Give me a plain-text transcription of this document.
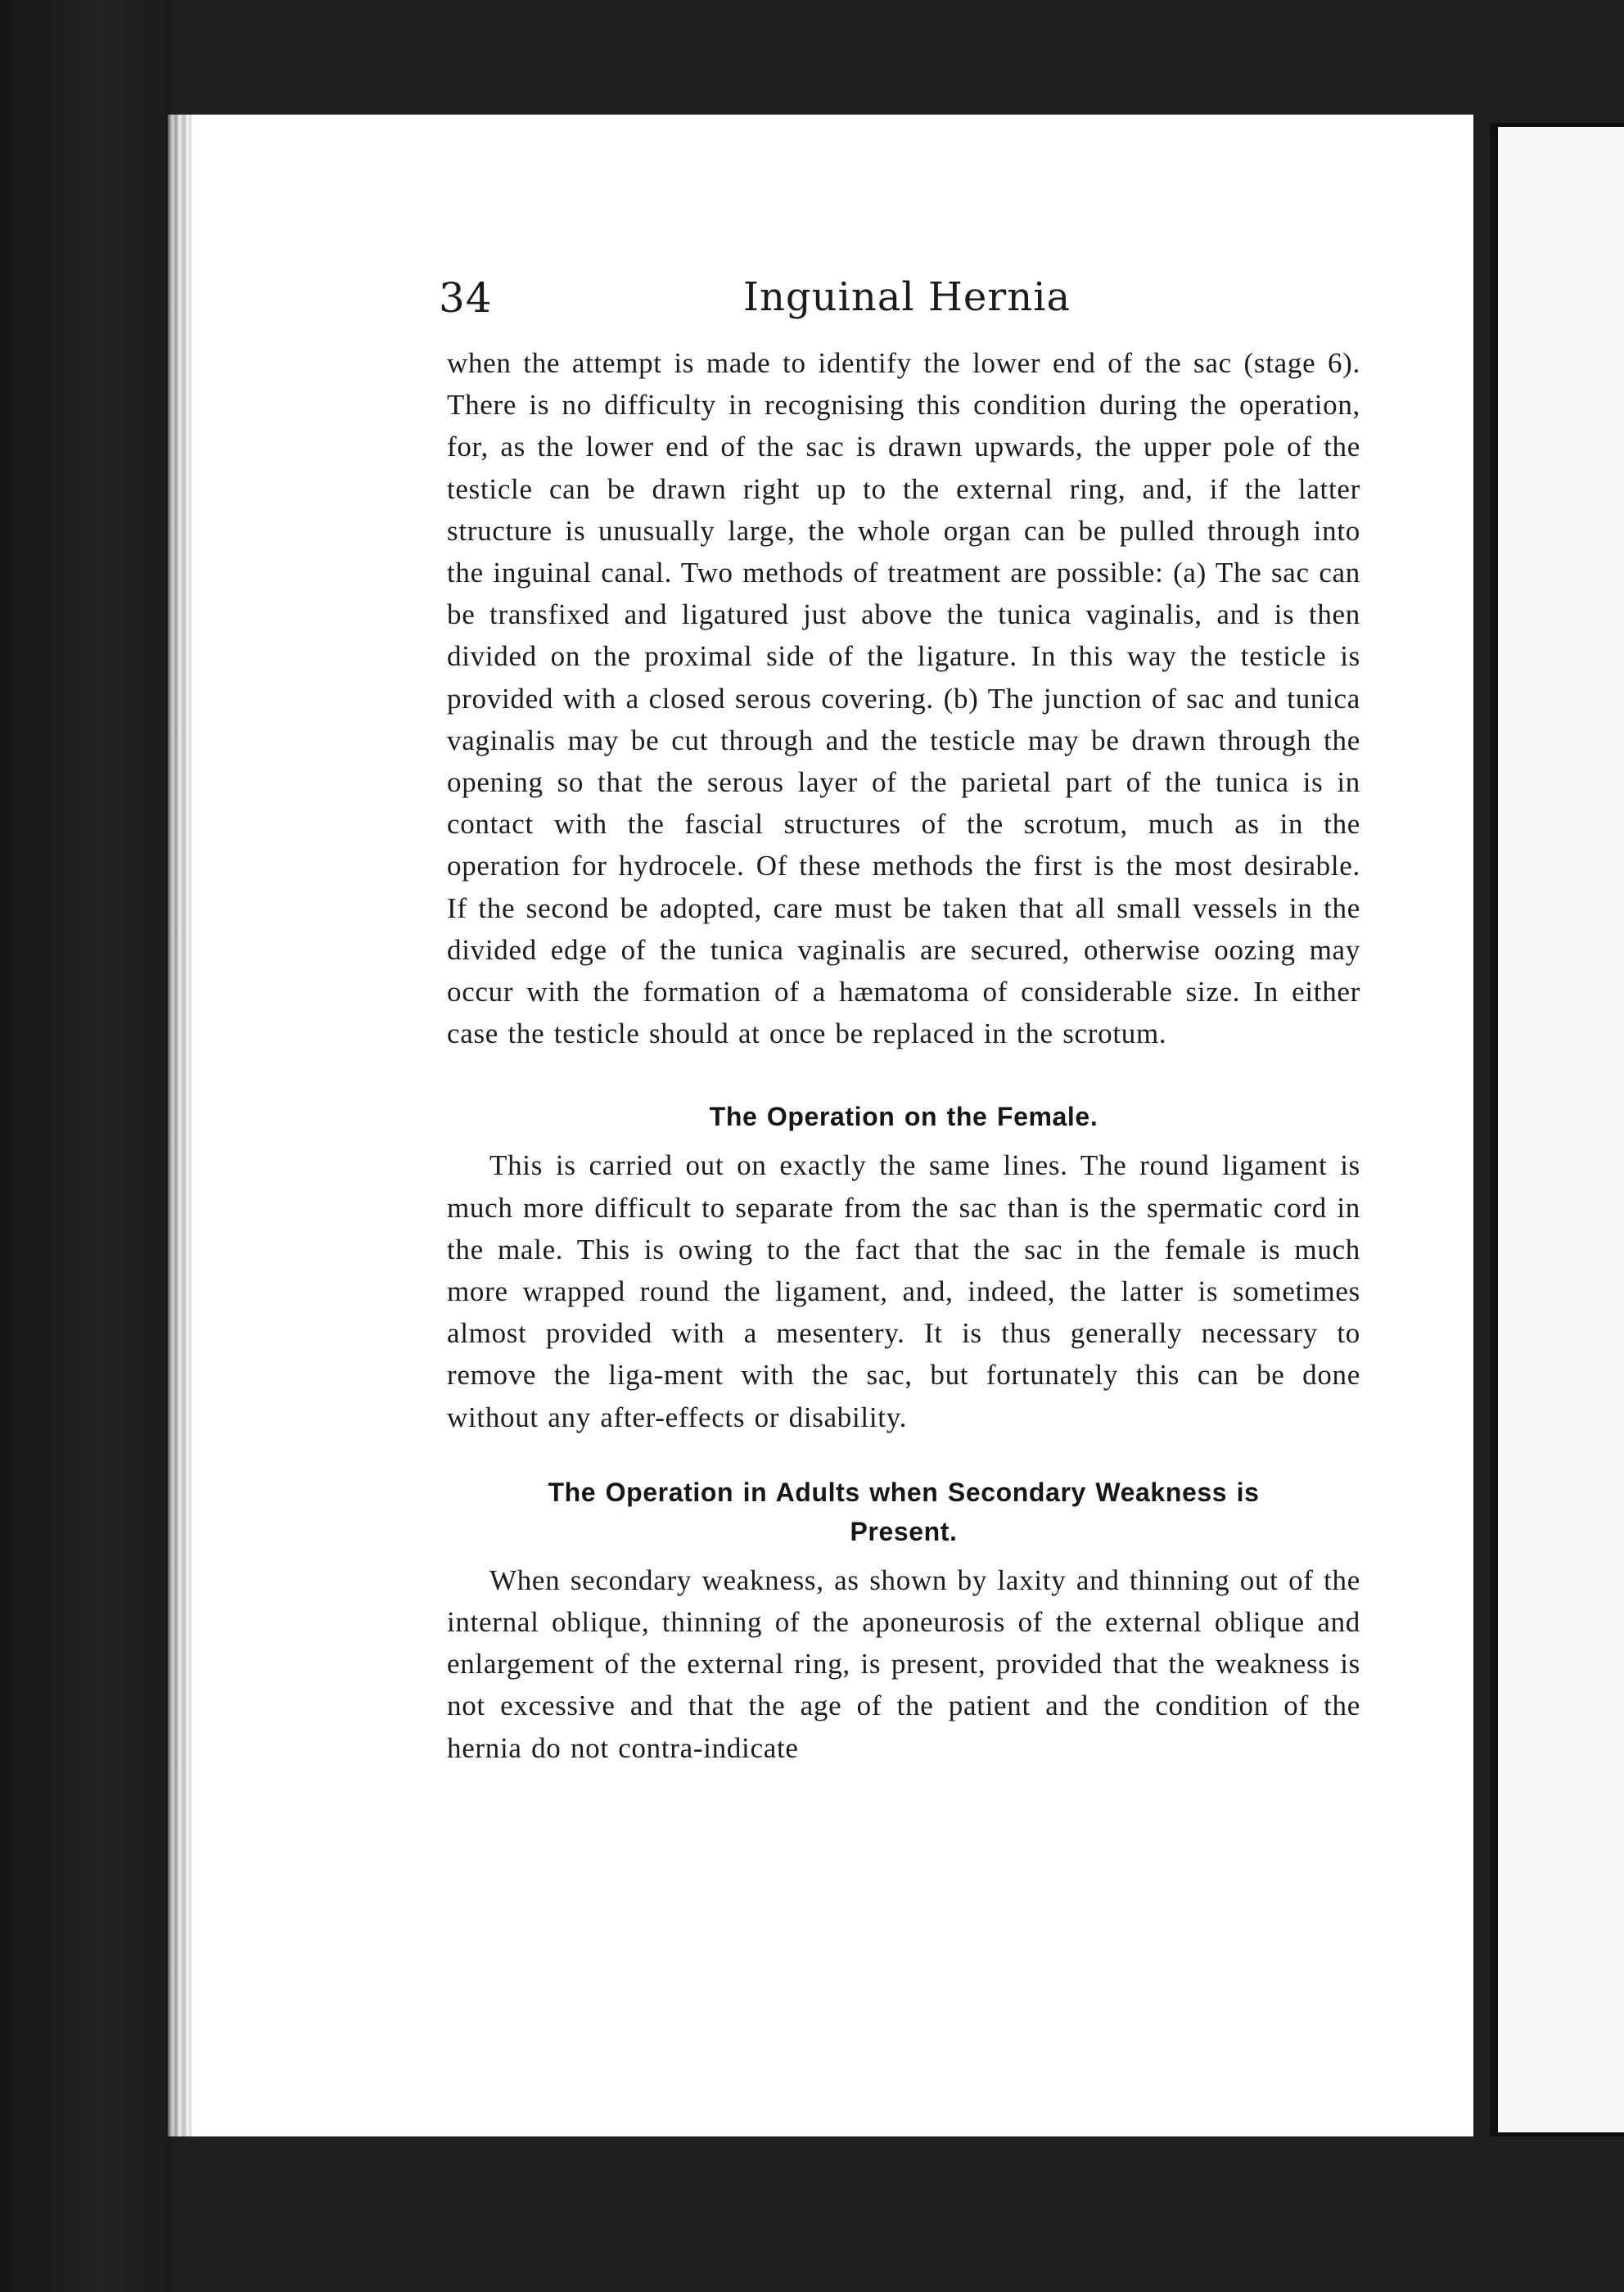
34	Inguinal Hernia

when the attempt is made to identify the lower end of the sac (stage 6). There is no difficulty in recognising this condition during the operation, for, as the lower end of the sac is drawn upwards, the upper pole of the testicle can be drawn right up to the external ring, and, if the latter structure is unusually large, the whole organ can be pulled through into the inguinal canal. Two methods of treatment are possible: (a) The sac can be transfixed and ligatured just above the tunica vaginalis, and is then divided on the proximal side of the ligature. In this way the testicle is provided with a closed serous covering. (b) The junction of sac and tunica vaginalis may be cut through and the testicle may be drawn through the opening so that the serous layer of the parietal part of the tunica is in contact with the fascial structures of the scrotum, much as in the operation for hydrocele. Of these methods the first is the most desirable. If the second be adopted, care must be taken that all small vessels in the divided edge of the tunica vaginalis are secured, otherwise oozing may occur with the formation of a hæmatoma of considerable size. In either case the testicle should at once be replaced in the scrotum.

The Operation on the Female.

This is carried out on exactly the same lines. The round ligament is much more difficult to separate from the sac than is the spermatic cord in the male. This is owing to the fact that the sac in the female is much more wrapped round the ligament, and, indeed, the latter is sometimes almost provided with a mesentery. It is thus generally necessary to remove the liga-ment with the sac, but fortunately this can be done without any after-effects or disability.

The Operation in Adults when Secondary Weakness is Present.

When secondary weakness, as shown by laxity and thinning out of the internal oblique, thinning of the aponeurosis of the external oblique and enlargement of the external ring, is present, provided that the weakness is not excessive and that the age of the patient and the condition of the hernia do not contra-indicate
